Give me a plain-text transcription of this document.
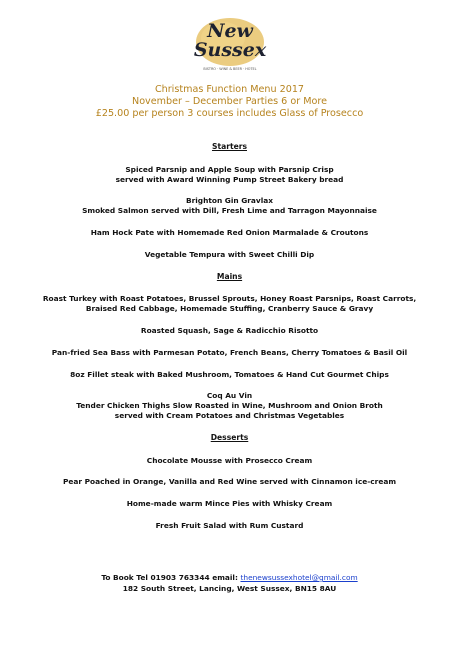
New
Sussex
BISTRO · WINE & BEER · HOTEL
Christmas Function Menu 2017
November – December Parties 6 or More
£25.00 per person 3 courses includes Glass of Prosecco
Starters
Spiced Parsnip and Apple Soup with Parsnip Crisp
served with Award Winning Pump Street Bakery bread
Brighton Gin Gravlax
Smoked Salmon served with Dill, Fresh Lime and Tarragon Mayonnaise
Ham Hock Pate with Homemade Red Onion Marmalade & Croutons
Vegetable Tempura with Sweet Chilli Dip
Mains
Roast Turkey with Roast Potatoes, Brussel Sprouts, Honey Roast Parsnips, Roast Carrots,
Braised Red Cabbage, Homemade Stuffing, Cranberry Sauce & Gravy
Roasted Squash, Sage & Radicchio Risotto
Pan-fried Sea Bass with Parmesan Potato, French Beans, Cherry Tomatoes & Basil Oil
8oz Fillet steak with Baked Mushroom, Tomatoes & Hand Cut Gourmet Chips
Coq Au Vin
Tender Chicken Thighs Slow Roasted in Wine, Mushroom and Onion Broth
served with Cream Potatoes and Christmas Vegetables
Desserts
Chocolate Mousse with Prosecco Cream
Pear Poached in Orange, Vanilla and Red Wine served with Cinnamon ice-cream
Home-made warm Mince Pies with Whisky Cream
Fresh Fruit Salad with Rum Custard
To Book Tel 01903 763344 email: thenewsussexhotel@gmail.com
182 South Street, Lancing, West Sussex, BN15 8AU
